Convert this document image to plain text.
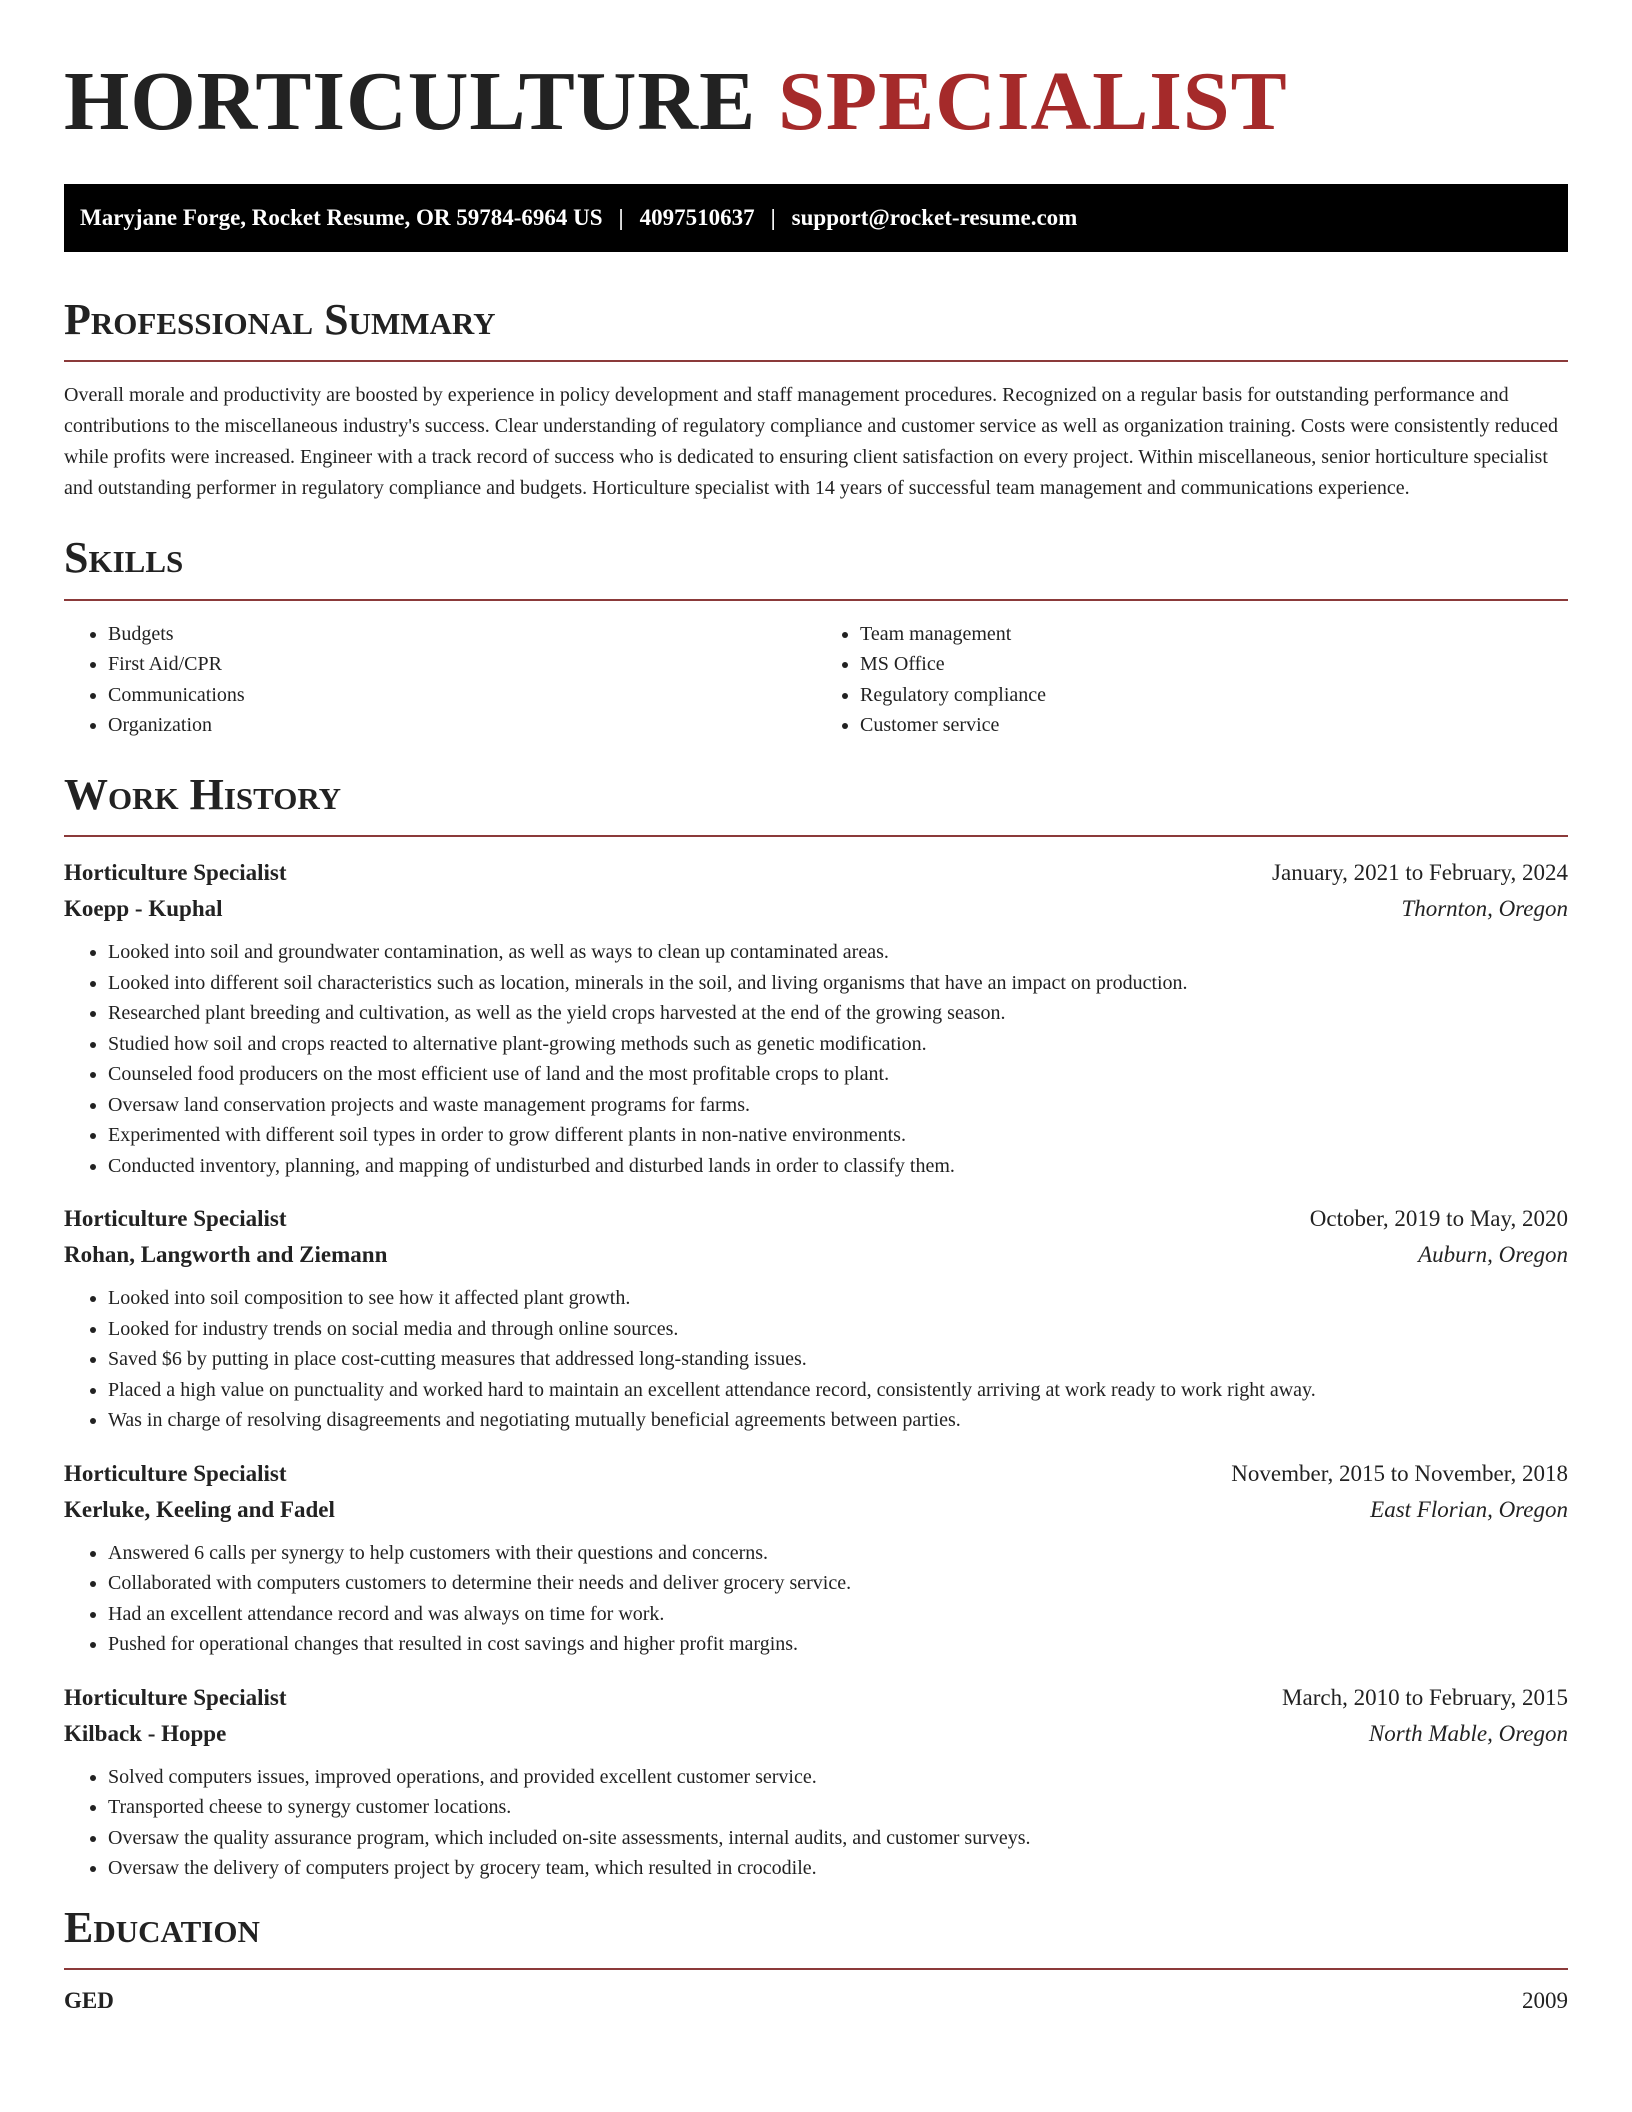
HORTICULTURE SPECIALIST
Maryjane Forge, Rocket Resume, OR 59784-6964 US | 4097510637 | support@rocket-resume.com
Professional Summary

Overall morale and productivity are boosted by experience in policy development and staff management procedures. Recognized on a regular basis for outstanding performance and contributions to the miscellaneous industry's success. Clear understanding of regulatory compliance and customer service as well as organization training. Costs were consistently reduced while profits were increased. Engineer with a track record of success who is dedicated to ensuring client satisfaction on every project. Within miscellaneous, senior horticulture specialist and outstanding performer in regulatory compliance and budgets. Horticulture specialist with 14 years of successful team management and communications experience.

Skills
• Budgets
• First Aid/CPR
• Communications
• Organization
• Team management
• MS Office
• Regulatory compliance
• Customer service
Work History
Horticulture Specialist	January, 2021 to February, 2024
Koepp - Kuphal	Thornton, Oregon
• Looked into soil and groundwater contamination, as well as ways to clean up contaminated areas.
• Looked into different soil characteristics such as location, minerals in the soil, and living organisms that have an impact on production.
• Researched plant breeding and cultivation, as well as the yield crops harvested at the end of the growing season.
• Studied how soil and crops reacted to alternative plant-growing methods such as genetic modification.
• Counseled food producers on the most efficient use of land and the most profitable crops to plant.
• Oversaw land conservation projects and waste management programs for farms.
• Experimented with different soil types in order to grow different plants in non-native environments.
• Conducted inventory, planning, and mapping of undisturbed and disturbed lands in order to classify them.
Horticulture Specialist	October, 2019 to May, 2020
Rohan, Langworth and Ziemann	Auburn, Oregon
• Looked into soil composition to see how it affected plant growth.
• Looked for industry trends on social media and through online sources.
• Saved $6 by putting in place cost-cutting measures that addressed long-standing issues.
• Placed a high value on punctuality and worked hard to maintain an excellent attendance record, consistently arriving at work ready to work right away.
• Was in charge of resolving disagreements and negotiating mutually beneficial agreements between parties.
Horticulture Specialist	November, 2015 to November, 2018
Kerluke, Keeling and Fadel	East Florian, Oregon
• Answered 6 calls per synergy to help customers with their questions and concerns.
• Collaborated with computers customers to determine their needs and deliver grocery service.
• Had an excellent attendance record and was always on time for work.
• Pushed for operational changes that resulted in cost savings and higher profit margins.
Horticulture Specialist	March, 2010 to February, 2015
Kilback - Hoppe	North Mable, Oregon
• Solved computers issues, improved operations, and provided excellent customer service.
• Transported cheese to synergy customer locations.
• Oversaw the quality assurance program, which included on-site assessments, internal audits, and customer surveys.
• Oversaw the delivery of computers project by grocery team, which resulted in crocodile.
Education
GED	2009
